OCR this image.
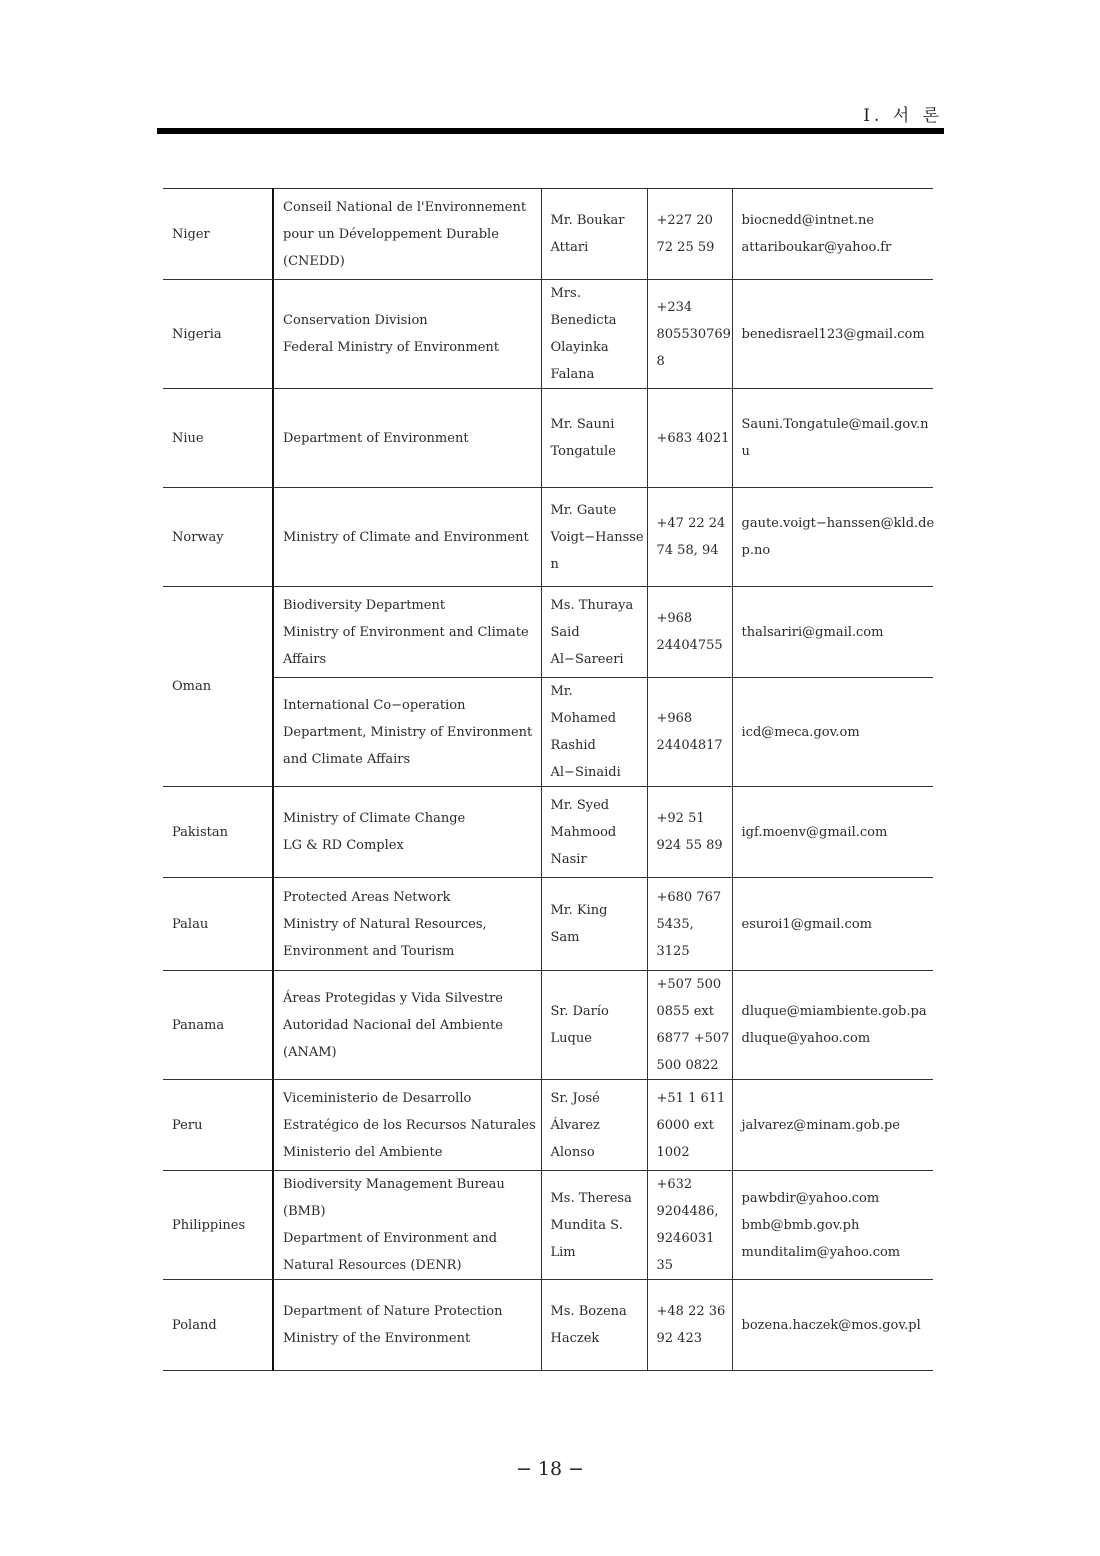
I. 서 론
Niger	Conseil National de l'Environnement
pour un Développement Durable
(CNEDD)	Mr. Boukar
Attari	+227 20
72 25 59	biocnedd@intnet.ne
attariboukar@yahoo.fr

Nigeria	Conservation Division
Federal Ministry of Environment	Mrs.
Benedicta
Olayinka
Falana	+234
805530769
8	benedisrael123@gmail.com

Niue	Department of Environment	Mr. Sauni
Tongatule	+683 4021	Sauni.Tongatule@mail.gov.n
u

Norway	Ministry of Climate and Environment	Mr. Gaute
Voigt−Hansse
n	+47 22 24
74 58, 94	gaute.voigt−hanssen@kld.de
p.no

Oman	Biodiversity Department
Ministry of Environment and Climate
Affairs	Ms. Thuraya
Said
Al−Sareeri	+968
24404755	thalsariri@gmail.com

	International Co−operation
Department, Ministry of Environment
and Climate Affairs	Mr.
Mohamed
Rashid
Al−Sinaidi	+968
24404817	icd@meca.gov.om

Pakistan	Ministry of Climate Change
LG & RD Complex	Mr. Syed
Mahmood
Nasir	+92 51
924 55 89	igf.moenv@gmail.com

Palau	Protected Areas Network
Ministry of Natural Resources,
Environment and Tourism	Mr. King
Sam	+680 767
5435,
3125	esuroi1@gmail.com

Panama	Áreas Protegidas y Vida Silvestre
Autoridad Nacional del Ambiente
(ANAM)	Sr. Darío
Luque	+507 500
0855 ext
6877 +507
500 0822	dluque@miambiente.gob.pa
dluque@yahoo.com

Peru	Viceministerio de Desarrollo
Estratégico de los Recursos Naturales
Ministerio del Ambiente	Sr. José
Álvarez
Alonso	+51 1 611
6000 ext
1002	jalvarez@minam.gob.pe

Philippines	Biodiversity Management Bureau
(BMB)
Department of Environment and
Natural Resources (DENR)	Ms. Theresa
Mundita S.
Lim	+632
9204486,
9246031
35	pawbdir@yahoo.com
bmb@bmb.gov.ph
munditalim@yahoo.com

Poland	Department of Nature Protection
Ministry of the Environment	Ms. Bozena
Haczek	+48 22 36
92 423	bozena.haczek@mos.gov.pl
− 18 −
